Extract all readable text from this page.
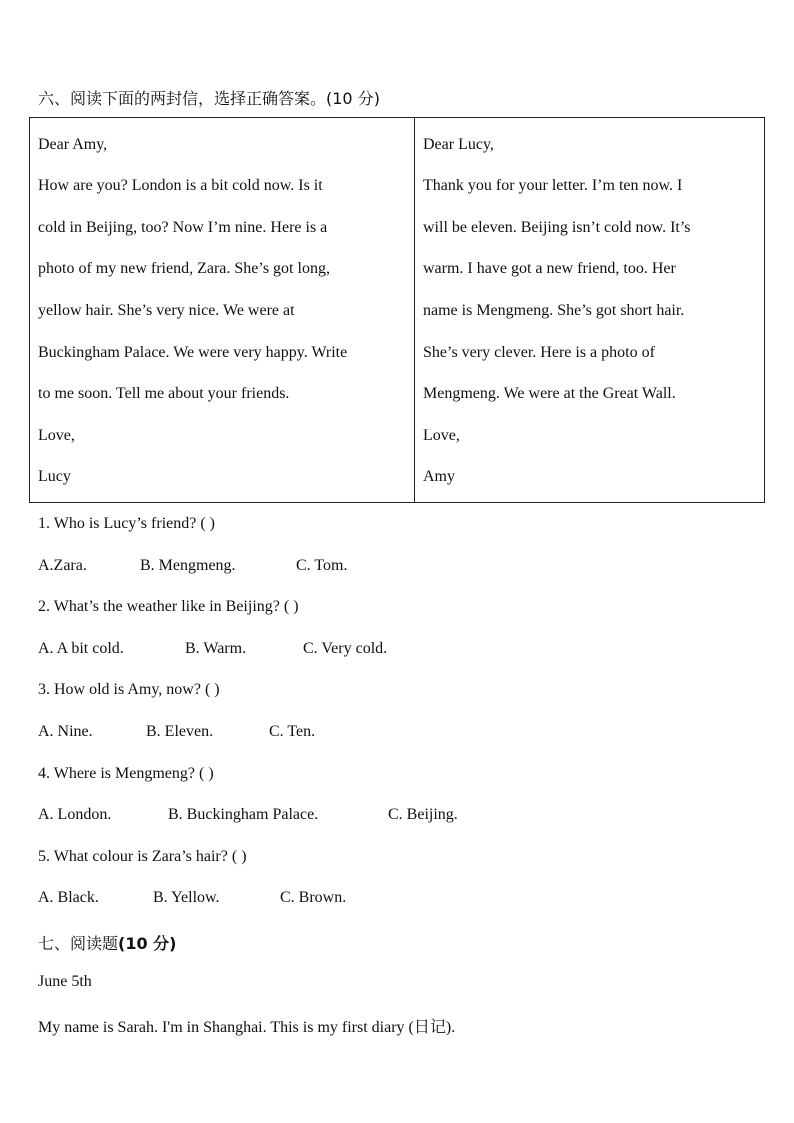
六、阅读下面的两封信，选择正确答案。(10 分)
Dear Amy,
How are you? London is a bit cold now. Is it
cold in Beijing, too? Now I’m nine. Here is a
photo of my new friend, Zara. She’s got long,
yellow hair. She’s very nice. We were at
Buckingham Palace. We were very happy. Write
to me soon. Tell me about your friends.
Love,
Lucy

Dear Lucy,
Thank you for your letter. I’m ten now. I
will be eleven. Beijing isn’t cold now. It’s
warm. I have got a new friend, too. Her
name is Mengmeng. She’s got short hair.
She’s very clever. Here is a photo of
Mengmeng. We were at the Great Wall.
Love,
Amy
1. Who is Lucy’s friend? ( )
A.Zara.	B. Mengmeng.	C. Tom.
2. What’s the weather like in Beijing? ( )
A. A bit cold.	B. Warm.	C. Very cold.
3. How old is Amy, now? ( )
A. Nine.	B. Eleven.	C. Ten.
4. Where is Mengmeng? ( )
A. London.	B. Buckingham Palace.	C. Beijing.
5. What colour is Zara’s hair? ( )
A. Black.	B. Yellow.	C. Brown.
七、阅读题(10 分)
June 5th
My name is Sarah. I'm in Shanghai. This is my first diary (日记).
